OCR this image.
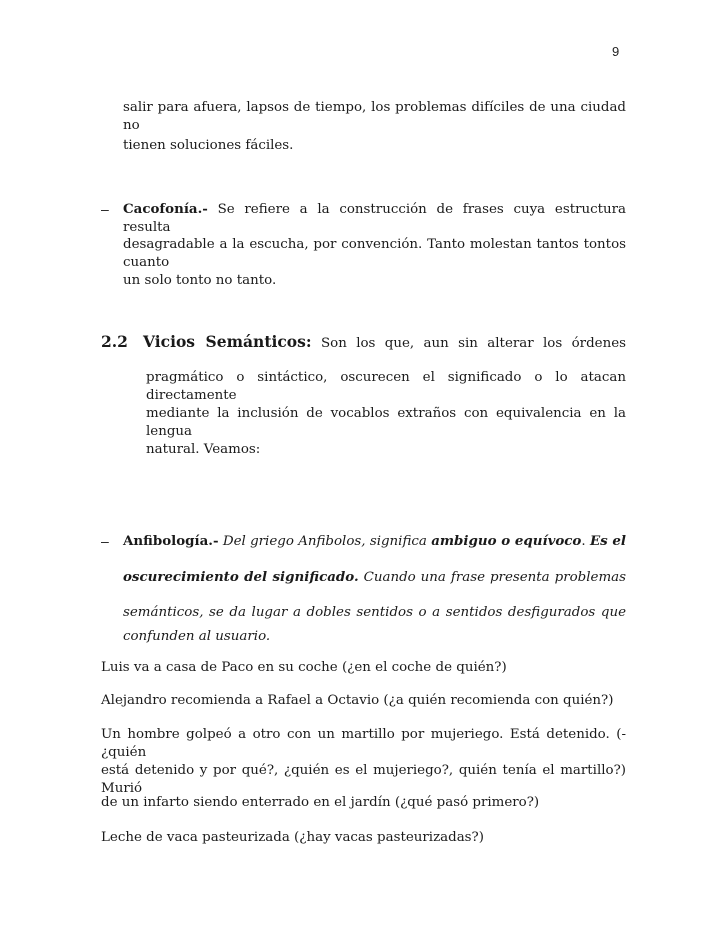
9
salir para afuera, lapsos de tiempo, los problemas difíciles de una ciudad no
tienen soluciones fáciles.
– Cacofonía.- Se refiere a la construcción de frases cuya estructura resulta
desagradable a la escucha, por convención. Tanto molestan tantos tontos cuanto
un solo tonto no tanto.
2.2 Vicios Semánticos: Son los que, aun sin alterar los órdenes
pragmático o sintáctico, oscurecen el significado o lo atacan directamente
mediante la inclusión de vocablos extraños con equivalencia en la lengua
natural. Veamos:
– Anfibología.- Del griego Anfibolos, significa ambiguo o equívoco. Es el
oscurecimiento del significado. Cuando una frase presenta problemas
semánticos, se da lugar a dobles sentidos o a sentidos desfigurados que
confunden al usuario.
Luis va a casa de Paco en su coche (¿en el coche de quién?)
Alejandro recomienda a Rafael a Octavio (¿a quién recomienda con quién?)
Un hombre golpeó a otro con un martillo por mujeriego. Está detenido. (-¿quién
está detenido y por qué?, ¿quién es el mujeriego?, quién tenía el martillo?) Murió
de un infarto siendo enterrado en el jardín (¿qué pasó primero?)
Leche de vaca pasteurizada (¿hay vacas pasteurizadas?)
